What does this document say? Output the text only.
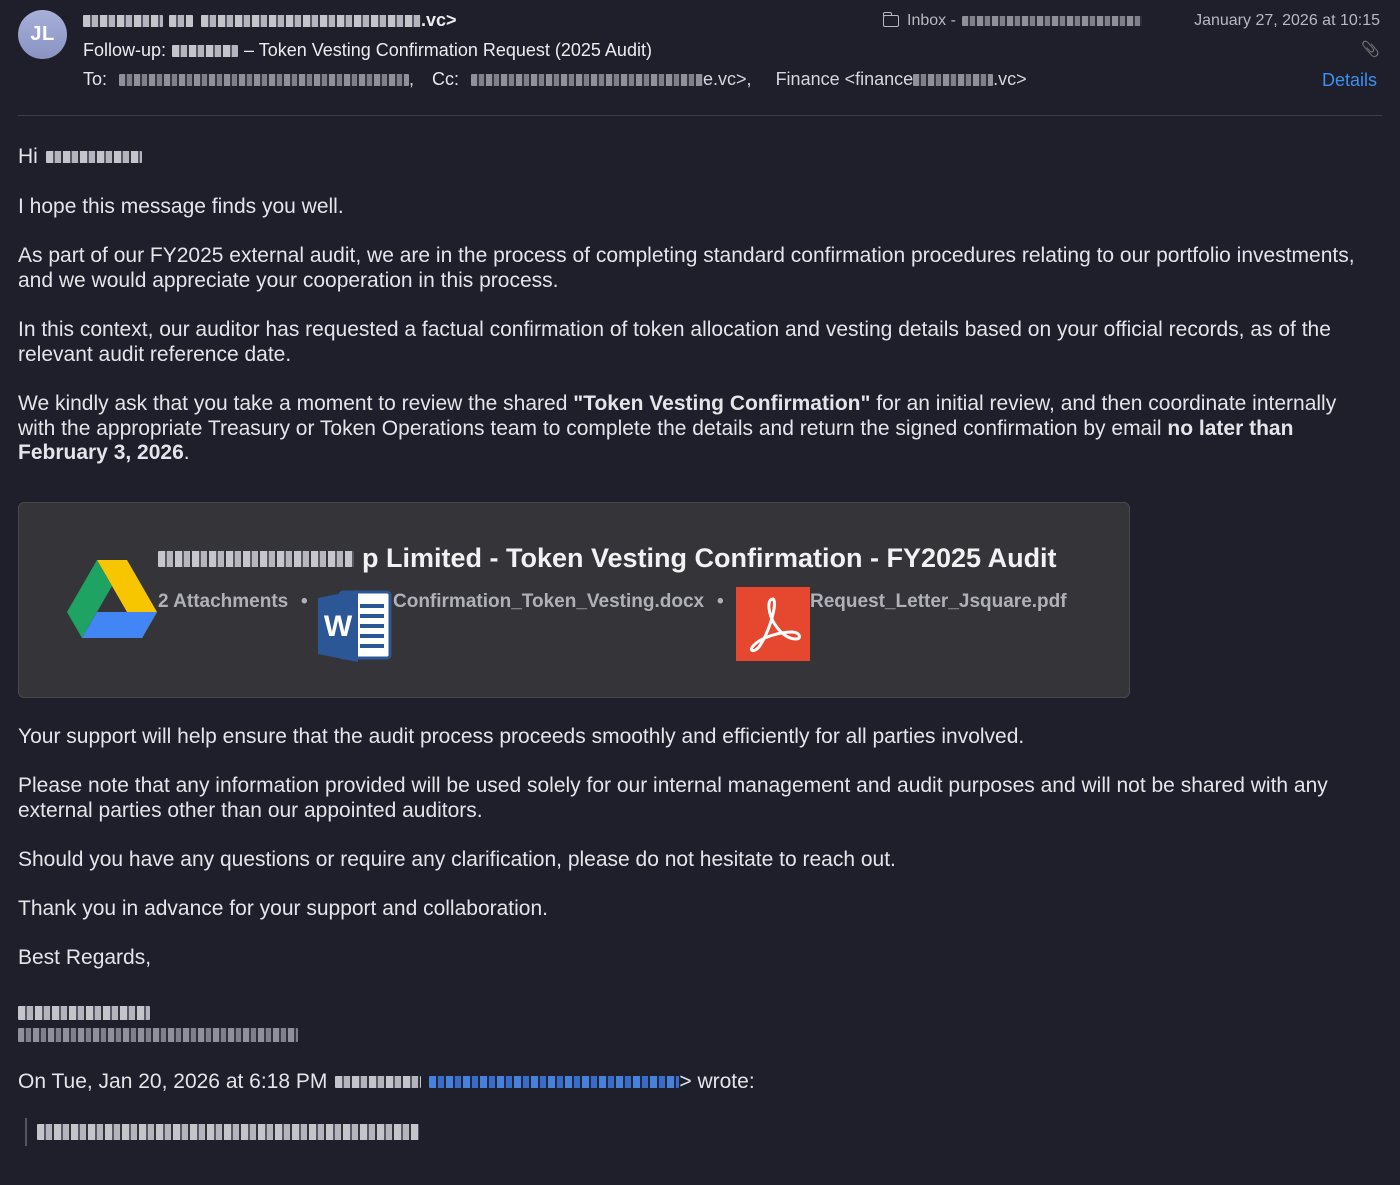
JL
.vc>
Follow-up:	– Token Vesting Confirmation Request (2025 Audit)
To:	, Cc:	e.vc>, Finance <finance	.vc>
Inbox -	January 27, 2026 at 10:15
📎
Details

Hi

I hope this message finds you well.

As part of our FY2025 external audit, we are in the process of completing standard confirmation procedures relating to our portfolio investments, and we would appreciate your cooperation in this process.

In this context, our auditor has requested a factual confirmation of token allocation and vesting details based on your official records, as of the relevant audit reference date.

We kindly ask that you take a moment to review the shared "Token Vesting Confirmation" for an initial review, and then coordinate internally with the appropriate Treasury or Token Operations team to complete the details and return the signed confirmation by email no later than February 3, 2026.

p Limited - Token Vesting Confirmation - FY2025 Audit
2 Attachments •
W
Confirmation_Token_Vesting.docx •	Request_Letter_Jsquare.pdf

Your support will help ensure that the audit process proceeds smoothly and efficiently for all parties involved.

Please note that any information provided will be used solely for our internal management and audit purposes and will not be shared with any external parties other than our appointed auditors.

Should you have any questions or require any clarification, please do not hesitate to reach out.

Thank you in advance for your support and collaboration.

Best Regards,

On Tue, Jan 20, 2026 at 6:18 PM	> wrote:
